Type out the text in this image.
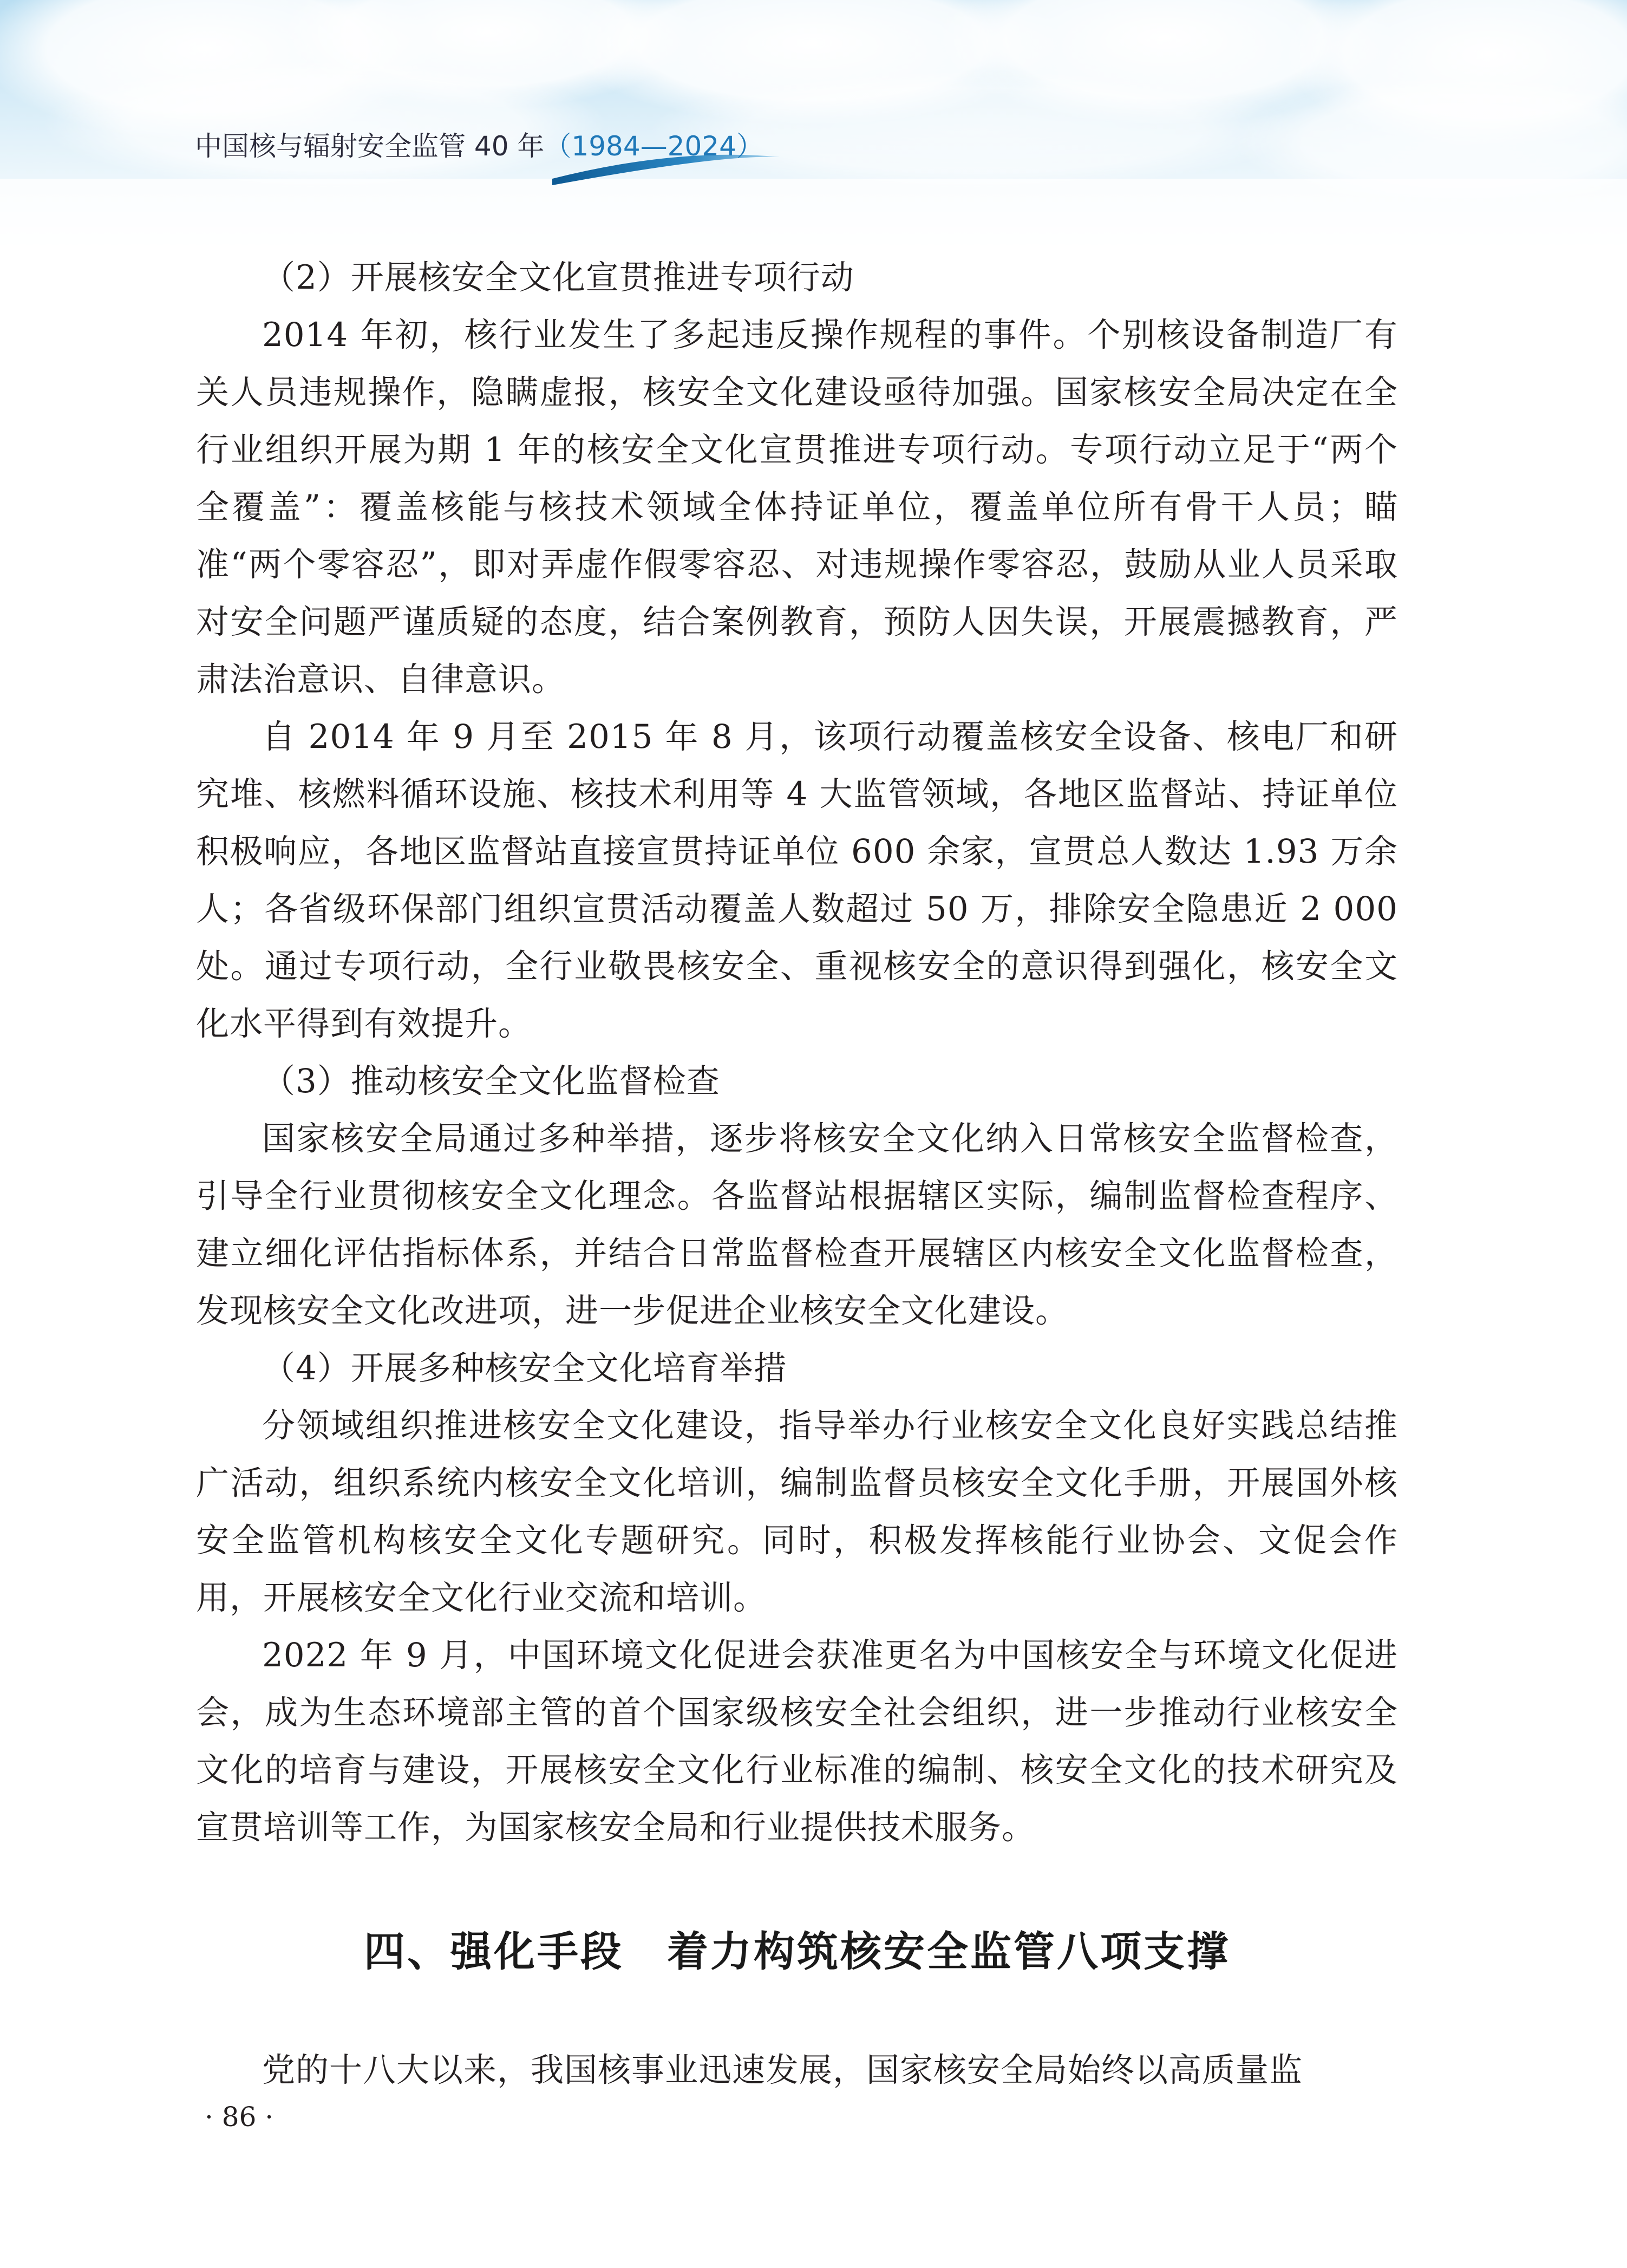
中国核与辐射安全监管 40 年（1984—2024）

（2）开展核安全文化宣贯推进专项行动

2014 年初，核行业发生了多起违反操作规程的事件。个别核设备制造厂有关人员违规操作，隐瞒虚报，核安全文化建设亟待加强。国家核安全局决定在全行业组织开展为期 1 年的核安全文化宣贯推进专项行动。专项行动立足于“两个全覆盖”：覆盖核能与核技术领域全体持证单位，覆盖单位所有骨干人员；瞄准“两个零容忍”，即对弄虚作假零容忍、对违规操作零容忍，鼓励从业人员采取对安全问题严谨质疑的态度，结合案例教育，预防人因失误，开展震撼教育，严肃法治意识、自律意识。

自 2014 年 9 月至 2015 年 8 月，该项行动覆盖核安全设备、核电厂和研究堆、核燃料循环设施、核技术利用等 4 大监管领域，各地区监督站、持证单位积极响应，各地区监督站直接宣贯持证单位 600 余家，宣贯总人数达 1.93 万余人；各省级环保部门组织宣贯活动覆盖人数超过 50 万，排除安全隐患近 2 000 处。通过专项行动，全行业敬畏核安全、重视核安全的意识得到强化，核安全文化水平得到有效提升。

（3）推动核安全文化监督检查

国家核安全局通过多种举措，逐步将核安全文化纳入日常核安全监督检查，引导全行业贯彻核安全文化理念。各监督站根据辖区实际，编制监督检查程序、建立细化评估指标体系，并结合日常监督检查开展辖区内核安全文化监督检查，发现核安全文化改进项，进一步促进企业核安全文化建设。

（4）开展多种核安全文化培育举措

分领域组织推进核安全文化建设，指导举办行业核安全文化良好实践总结推广活动，组织系统内核安全文化培训，编制监督员核安全文化手册，开展国外核安全监管机构核安全文化专题研究。同时，积极发挥核能行业协会、文促会作用，开展核安全文化行业交流和培训。

2022 年 9 月，中国环境文化促进会获准更名为中国核安全与环境文化促进会，成为生态环境部主管的首个国家级核安全社会组织，进一步推动行业核安全文化的培育与建设，开展核安全文化行业标准的编制、核安全文化的技术研究及宣贯培训等工作，为国家核安全局和行业提供技术服务。

四、强化手段　着力构筑核安全监管八项支撑

党的十八大以来，我国核事业迅速发展，国家核安全局始终以高质量监

· 86 ·
